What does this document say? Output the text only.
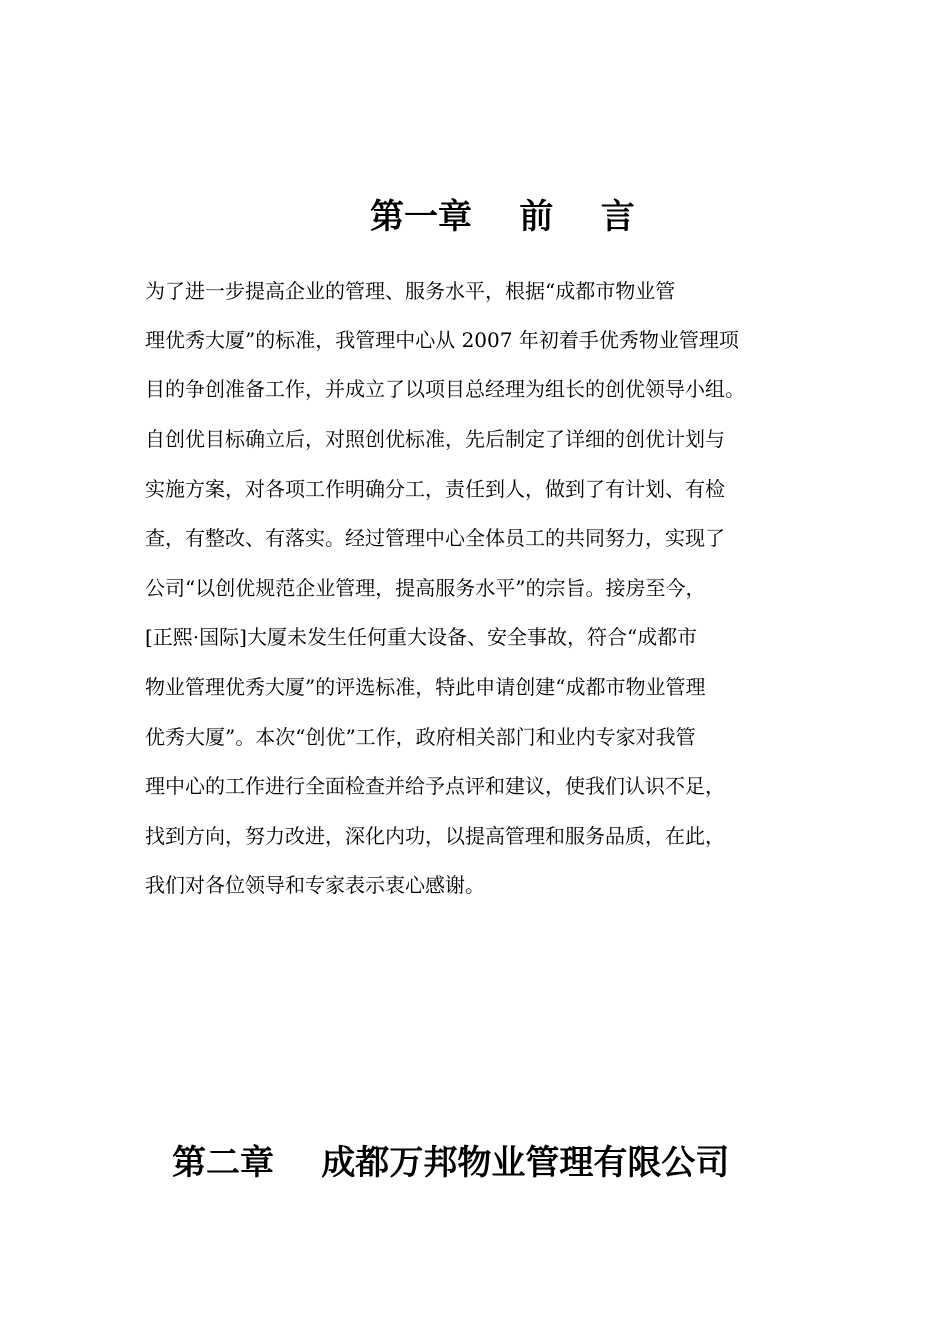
第一章    前    言

为了进一步提高企业的管理、服务水平，根据“成都市物业管

理优秀大厦”的标准，我管理中心从 2007 年初着手优秀物业管理项

目的争创准备工作，并成立了以项目总经理为组长的创优领导小组。

自创优目标确立后，对照创优标准，先后制定了详细的创优计划与

实施方案，对各项工作明确分工，责任到人，做到了有计划、有检

查，有整改、有落实。经过管理中心全体员工的共同努力，实现了

公司“以创优规范企业管理，提高服务水平”的宗旨。接房至今，

[正熙·国际]大厦未发生任何重大设备、安全事故，符合“成都市

物业管理优秀大厦”的评选标准，特此申请创建“成都市物业管理

优秀大厦”。本次“创优”工作，政府相关部门和业内专家对我管

理中心的工作进行全面检查并给予点评和建议，使我们认识不足，

找到方向，努力改进，深化内功，以提高管理和服务品质，在此，

我们对各位领导和专家表示衷心感谢。

第二章    成都万邦物业管理有限公司
